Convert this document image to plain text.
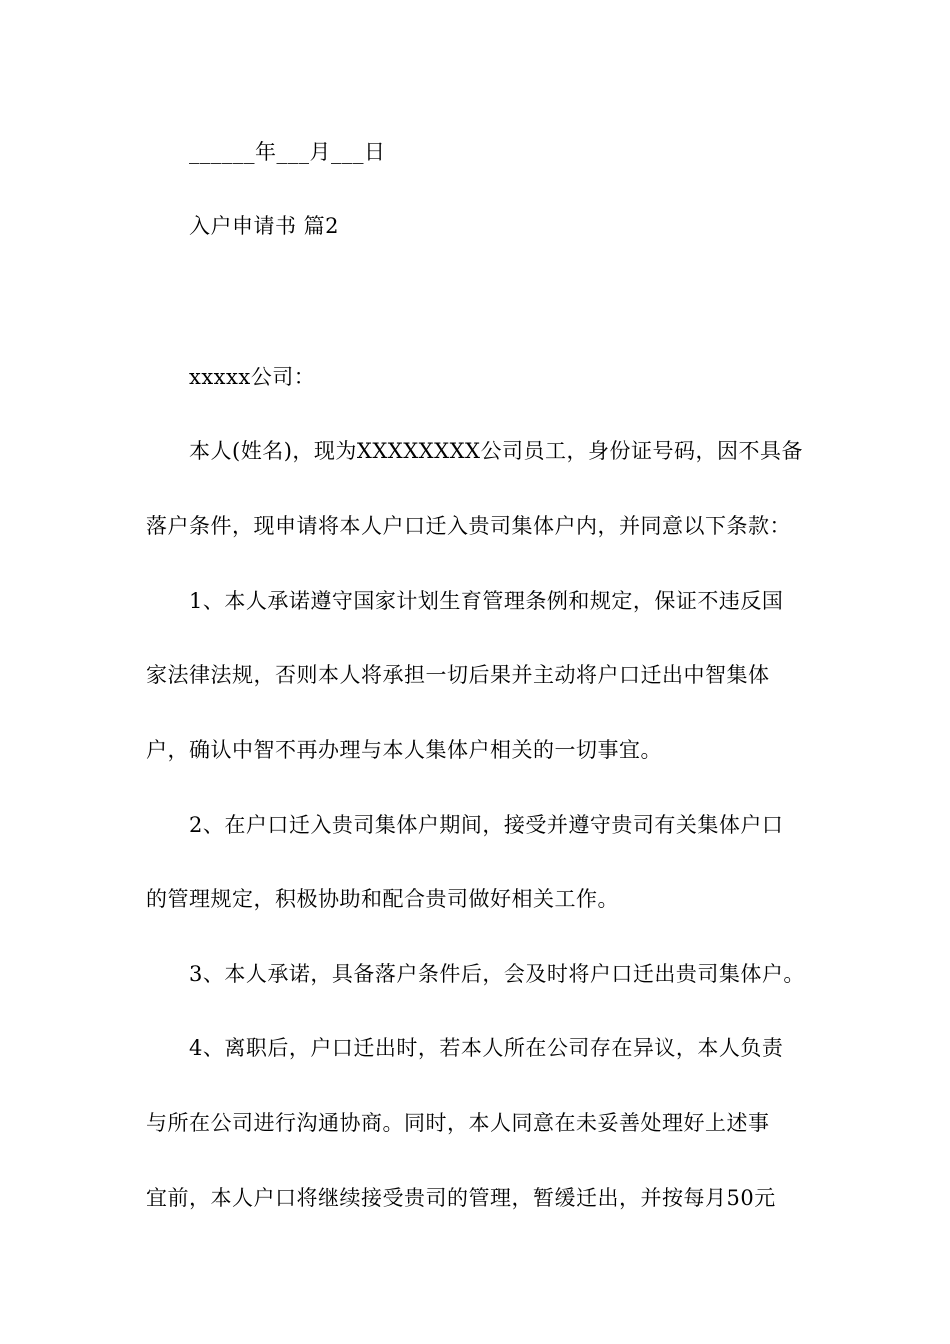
______年___月___日
入户申请书 篇2
xxxxx公司：
本人(姓名)，现为XXXXXXXX公司员工，身份证号码，因不具备
落户条件，现申请将本人户口迁入贵司集体户内，并同意以下条款：
1、本人承诺遵守国家计划生育管理条例和规定，保证不违反国
家法律法规，否则本人将承担一切后果并主动将户口迁出中智集体
户，确认中智不再办理与本人集体户相关的一切事宜。
2、在户口迁入贵司集体户期间，接受并遵守贵司有关集体户口
的管理规定，积极协助和配合贵司做好相关工作。
3、本人承诺，具备落户条件后，会及时将户口迁出贵司集体户。
4、离职后，户口迁出时，若本人所在公司存在异议，本人负责
与所在公司进行沟通协商。同时，本人同意在未妥善处理好上述事
宜前，本人户口将继续接受贵司的管理，暂缓迁出，并按每月50元
